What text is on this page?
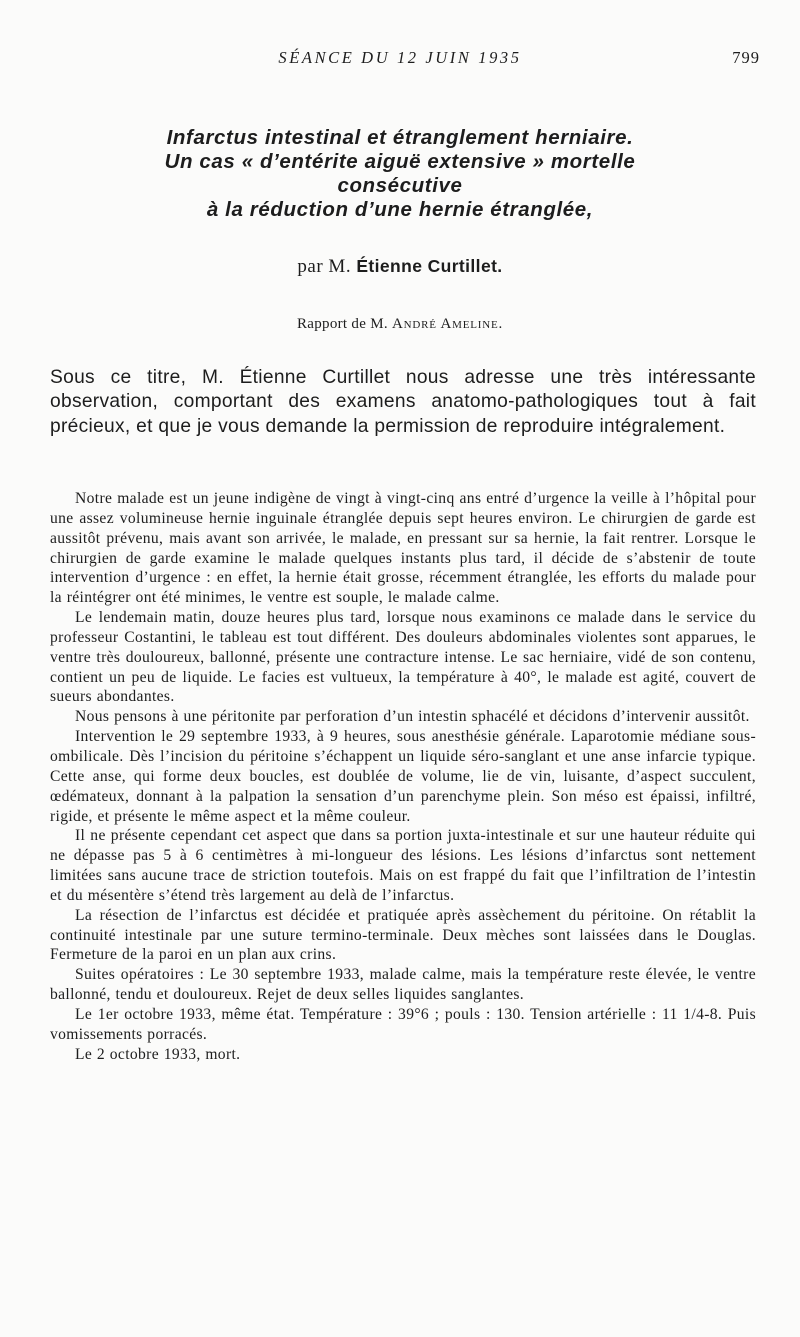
SÉANCE DU 12 JUIN 1935	799

Infarctus intestinal et étranglement herniaire.

Un cas « d’entérite aiguë extensive » mortelle

consécutive

à la réduction d’une hernie étranglée,

par M. Étienne Curtillet.
Rapport de M. André Ameline.

Sous ce titre, M. Étienne Curtillet nous adresse une très intéressante observation, comportant des examens anatomo-pathologiques tout à fait précieux, et que je vous demande la permission de reproduire intégralement.

Notre malade est un jeune indigène de vingt à vingt-cinq ans entré d’urgence la veille à l’hôpital pour une assez volumineuse hernie inguinale étranglée depuis sept heures environ. Le chirurgien de garde est aussitôt prévenu, mais avant son arrivée, le malade, en pressant sur sa hernie, la fait rentrer. Lorsque le chirurgien de garde examine le malade quelques instants plus tard, il décide de s’abstenir de toute intervention d’urgence : en effet, la hernie était grosse, récemment étranglée, les efforts du malade pour la réintégrer ont été minimes, le ventre est souple, le malade calme.

Le lendemain matin, douze heures plus tard, lorsque nous examinons ce malade dans le service du professeur Costantini, le tableau est tout différent. Des douleurs abdominales violentes sont apparues, le ventre très douloureux, ballonné, présente une contracture intense. Le sac herniaire, vidé de son contenu, contient un peu de liquide. Le facies est vultueux, la température à 40°, le malade est agité, couvert de sueurs abondantes.

Nous pensons à une péritonite par perforation d’un intestin sphacélé et décidons d’intervenir aussitôt.

Intervention le 29 septembre 1933, à 9 heures, sous anesthésie générale. Laparotomie médiane sous-ombilicale. Dès l’incision du péritoine s’échappent un liquide séro-sanglant et une anse infarcie typique. Cette anse, qui forme deux boucles, est doublée de volume, lie de vin, luisante, d’aspect succulent, œdémateux, donnant à la palpation la sensation d’un parenchyme plein. Son méso est épaissi, infiltré, rigide, et présente le même aspect et la même couleur.

Il ne présente cependant cet aspect que dans sa portion juxta-intestinale et sur une hauteur réduite qui ne dépasse pas 5 à 6 centimètres à mi-longueur des lésions. Les lésions d’infarctus sont nettement limitées sans aucune trace de striction toutefois. Mais on est frappé du fait que l’infiltration de l’intestin et du mésentère s’étend très largement au delà de l’infarctus.

La résection de l’infarctus est décidée et pratiquée après assèchement du péritoine. On rétablit la continuité intestinale par une suture termino-terminale. Deux mèches sont laissées dans le Douglas. Fermeture de la paroi en un plan aux crins.

Suites opératoires : Le 30 septembre 1933, malade calme, mais la température reste élevée, le ventre ballonné, tendu et douloureux. Rejet de deux selles liquides sanglantes.

Le 1er octobre 1933, même état. Température : 39°6 ; pouls : 130. Tension artérielle : 11 1/4-8. Puis vomissements porracés.

Le 2 octobre 1933, mort.
